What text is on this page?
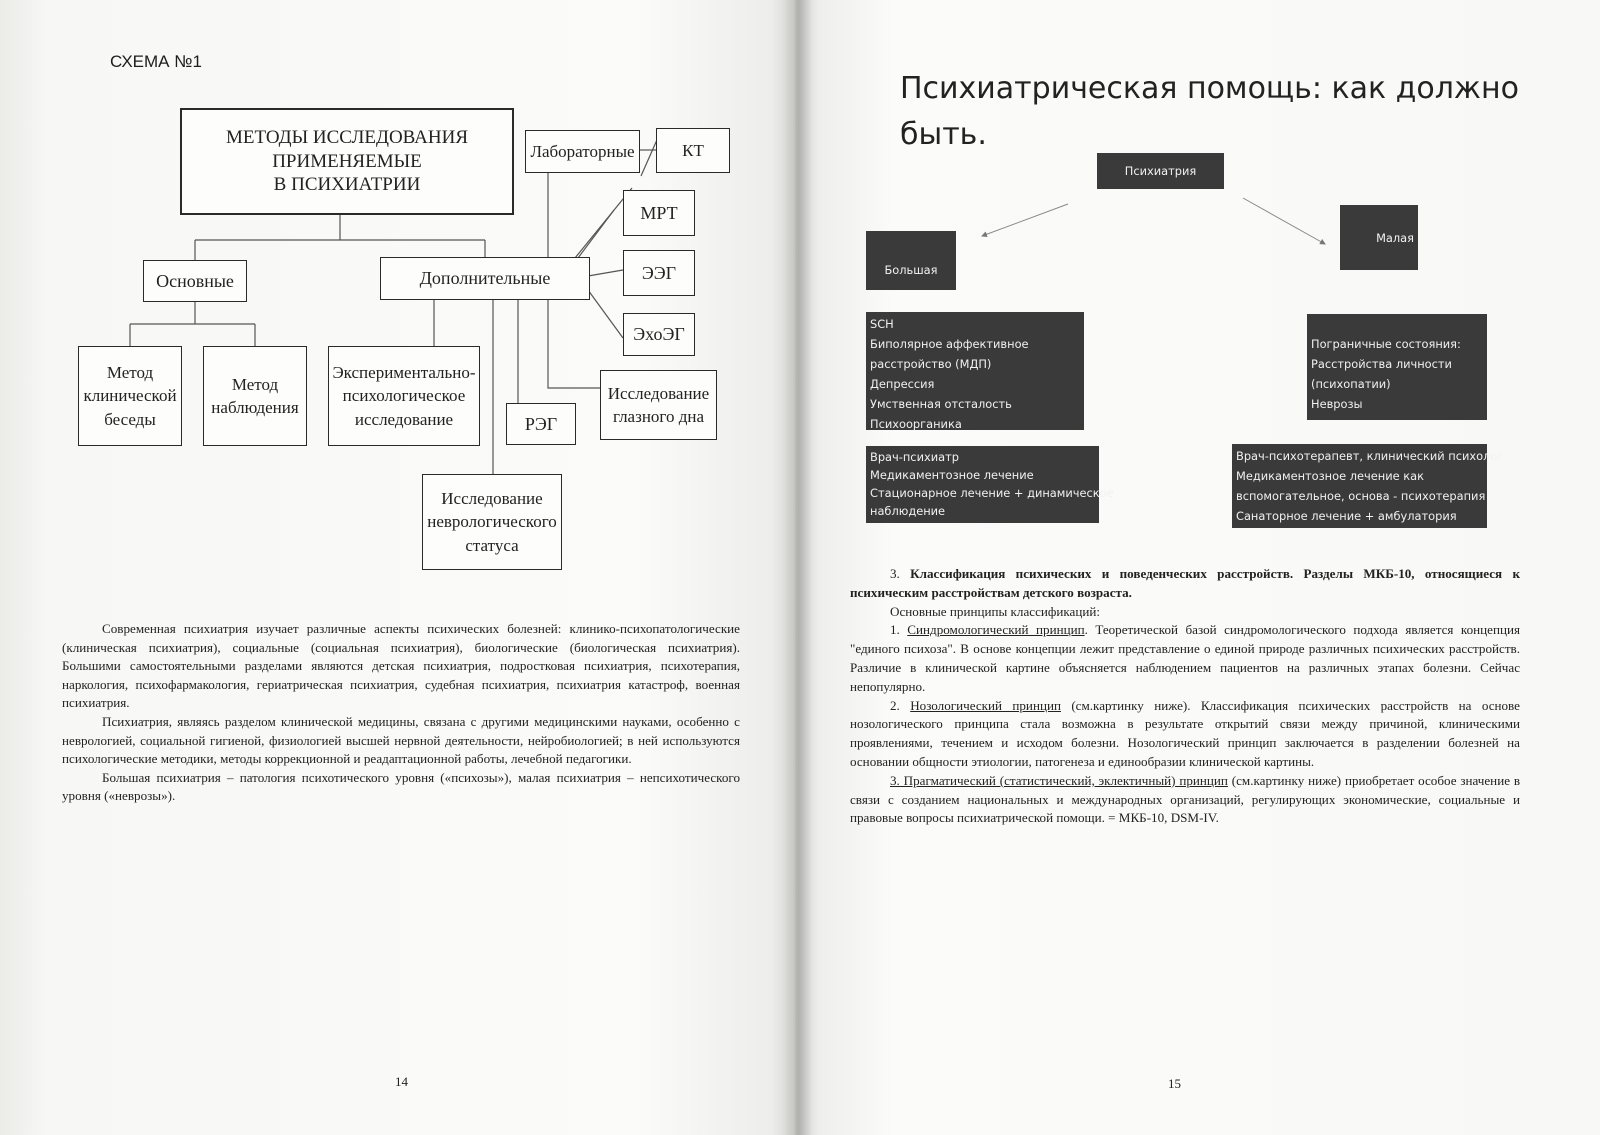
СХЕМА №1
МЕТОДЫ ИССЛЕДОВАНИЯ
ПРИМЕНЯЕМЫЕ
В ПСИХИАТРИИ
Основные	Дополнительные
Лабораторные	КТ
МРТ
ЭЭГ
ЭхоЭГ
Метод
клинической
беседы
Метод
наблюдения
Экспериментально-
психологическое
исследование	РЭГ
Исследование
глазного дна
Исследование
неврологического
статуса

Современная психиатрия изучает различные аспекты психических болезней: клинико-психопатологические (клиническая психиатрия), социальные (социальная психиатрия), биологические (биологическая психиатрия). Большими самостоятельными разделами являются детская психиатрия, подростковая психиатрия, психотерапия, наркология, психофармакология, гериатрическая психиатрия, судебная психиатрия, психиатрия катастроф, военная психиатрия.

Психиатрия, являясь разделом клинической медицины, связана с другими медицинскими науками, особенно с неврологией, социальной гигиеной, физиологией высшей нервной деятельности, нейробиологией; в ней используются психологические методики, методы коррекционной и реадаптационной работы, лечебной педагогики.

Большая психиатрия – патология психотического уровня («психозы»), малая психиатрия – непсихотического уровня («неврозы»).

14
Психиатрическая помощь: как должно быть.
Психиатрия
Большая
Малая
SCH
Биполярное аффективное
расстройство (МДП)
Депрессия
Умственная отсталость
Психоорганика
Пограничные состояния:
Расстройства личности
(психопатии)
Неврозы
Врач-психиатр
Медикаментозное лечение
Стационарное лечение + динамическое
наблюдение
Врач-психотерапевт, клинический психолог
Медикаментозное лечение как
вспомогательное, основа - психотерапия
Санаторное лечение + амбулатория

3. Классификация психических и поведенческих расстройств. Разделы МКБ-10, относящиеся к психическим расстройствам детского возраста.

Основные принципы классификаций:

1. Синдромологический принцип. Теоретической базой синдромологического подхода является концепция "единого психоза". В основе концепции лежит представление о единой природе различных психических расстройств. Различие в клинической картине объясняется наблюдением пациентов на различных этапах болезни. Сейчас непопулярно.

2. Нозологический принцип (см.картинку ниже). Классификация психических расстройств на основе нозологического принципа стала возможна в результате открытий связи между причиной, клиническими проявлениями, течением и исходом болезни. Нозологический принцип заключается в разделении болезней на основании общности этиологии, патогенеза и единообразии клинической картины.

3. Прагматический (статистический, эклектичный) принцип (см.картинку ниже) приобретает особое значение в связи с созданием национальных и международных организаций, регулирующих экономические, социальные и правовые вопросы психиатрической помощи. = МКБ-10, DSM-IV.

15
